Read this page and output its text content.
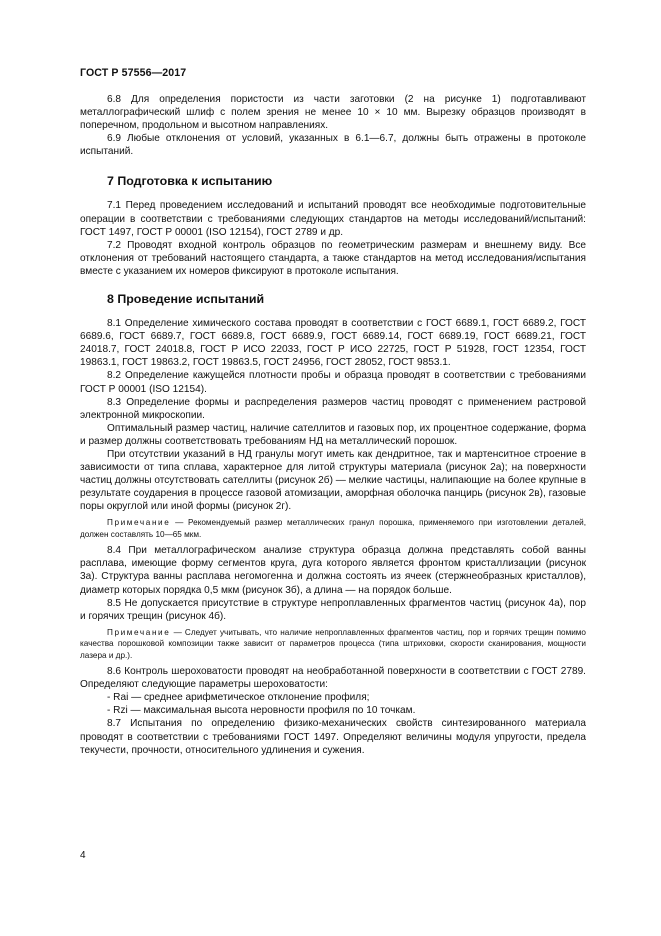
ГОСТ Р 57556—2017

6.8 Для определения пористости из части заготовки (2 на рисунке 1) подготавливают металлографический шлиф с полем зрения не менее 10 × 10 мм. Вырезку образцов производят в поперечном, продольном и высотном направлениях.

6.9 Любые отклонения от условий, указанных в 6.1—6.7, должны быть отражены в протоколе испытаний.

7 Подготовка к испытанию

7.1 Перед проведением исследований и испытаний проводят все необходимые подготовительные операции в соответствии с требованиями следующих стандартов на методы исследований/испытаний: ГОСТ 1497, ГОСТ Р 00001 (ISO 12154), ГОСТ 2789 и др.

7.2 Проводят входной контроль образцов по геометрическим размерам и внешнему виду. Все отклонения от требований настоящего стандарта, а также стандартов на метод исследования/испытания вместе с указанием их номеров фиксируют в протоколе испытания.

8 Проведение испытаний

8.1 Определение химического состава проводят в соответствии с ГОСТ 6689.1, ГОСТ 6689.2, ГОСТ 6689.6, ГОСТ 6689.7, ГОСТ 6689.8, ГОСТ 6689.9, ГОСТ 6689.14, ГОСТ 6689.19, ГОСТ 6689.21, ГОСТ 24018.7, ГОСТ 24018.8, ГОСТ Р ИСО 22033, ГОСТ Р ИСО 22725, ГОСТ Р 51928, ГОСТ 12354, ГОСТ 19863.1, ГОСТ 19863.2, ГОСТ 19863.5, ГОСТ 24956, ГОСТ 28052, ГОСТ 9853.1.

8.2 Определение кажущейся плотности пробы и образца проводят в соответствии с требованиями ГОСТ Р 00001 (ISO 12154).

8.3 Определение формы и распределения размеров частиц проводят с применением растровой электронной микроскопии.

Оптимальный размер частиц, наличие сателлитов и газовых пор, их процентное содержание, форма и размер должны соответствовать требованиям НД на металлический порошок.

При отсутствии указаний в НД гранулы могут иметь как дендритное, так и мартенситное строение в зависимости от типа сплава, характерное для литой структуры материала (рисунок 2а); на поверхности частиц должны отсутствовать сателлиты (рисунок 2б) — мелкие частицы, налипающие на более крупные в результате соударения в процессе газовой атомизации, аморфная оболочка панцирь (рисунок 2в), газовые поры округлой или иной формы (рисунок 2г).

Примечание — Рекомендуемый размер металлических гранул порошка, применяемого при изготовлении деталей, должен составлять 10—65 мкм.

8.4 При металлографическом анализе структура образца должна представлять собой ванны расплава, имеющие форму сегментов круга, дуга которого является фронтом кристаллизации (рисунок 3а). Структура ванны расплава негомогенна и должна состоять из ячеек (стержнеобразных кристаллов), диаметр которых порядка 0,5 мкм (рисунок 3б), а длина — на порядок больше.

8.5 Не допускается присутствие в структуре непроплавленных фрагментов частиц (рисунок 4а), пор и горячих трещин (рисунок 4б).

Примечание — Следует учитывать, что наличие непроплавленных фрагментов частиц, пор и горячих трещин помимо качества порошковой композиции также зависит от параметров процесса (типа штриховки, скорости сканирования, мощности лазера и др.).

8.6 Контроль шероховатости проводят на необработанной поверхности в соответствии с ГОСТ 2789. Определяют следующие параметры шероховатости:

- Rai — среднее арифметическое отклонение профиля;

- Rzi — максимальная высота неровности профиля по 10 точкам.

8.7 Испытания по определению физико-механических свойств синтезированного материала проводят в соответствии с требованиями ГОСТ 1497. Определяют величины модуля упругости, предела текучести, прочности, относительного удлинения и сужения.

4
